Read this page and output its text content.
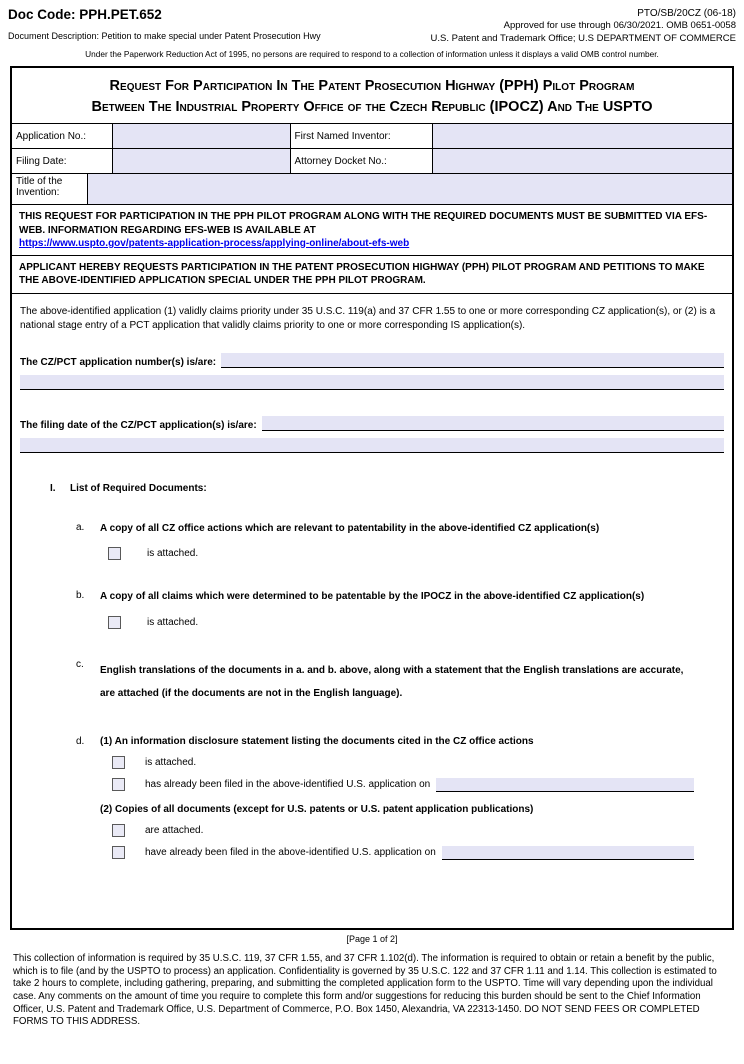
Doc Code: PPH.PET.652
Document Description: Petition to make special under Patent Prosecution Hwy
PTO/SB/20CZ (06-18)
Approved for use through 06/30/2021. OMB 0651-0058
U.S. Patent and Trademark Office; U.S DEPARTMENT OF COMMERCE
Under the Paperwork Reduction Act of 1995, no persons are required to respond to a collection of information unless it displays a valid OMB control number.
Request For Participation In The Patent Prosecution Highway (PPH) Pilot Program
Between The Industrial Property Office of the Czech Republic (IPOCZ) And The USPTO
Application No.:		First Named Inventor:	
Filing Date:		Attorney Docket No.:	
Title of the Invention:
THIS REQUEST FOR PARTICIPATION IN THE PPH PILOT PROGRAM ALONG WITH THE REQUIRED DOCUMENTS MUST BE SUBMITTED VIA EFS-WEB. INFORMATION REGARDING EFS-WEB IS AVAILABLE AT
https://www.uspto.gov/patents-application-process/applying-online/about-efs-web
APPLICANT HEREBY REQUESTS PARTICIPATION IN THE PATENT PROSECUTION HIGHWAY (PPH) PILOT PROGRAM AND PETITIONS TO MAKE THE ABOVE-IDENTIFIED APPLICATION SPECIAL UNDER THE PPH PILOT PROGRAM.
The above-identified application (1) validly claims priority under 35 U.S.C. 119(a) and 37 CFR 1.55 to one or more corresponding CZ application(s), or (2) is a national stage entry of a PCT application that validly claims priority to one or more corresponding IS application(s).
The CZ/PCT application number(s) is/are:
The filing date of the CZ/PCT application(s) is/are:
I.	List of Required Documents:
a.	A copy of all CZ office actions which are relevant to patentability in the above-identified CZ application(s)
is attached.
b.	A copy of all claims which were determined to be patentable by the IPOCZ in the above-identified CZ application(s)
is attached.
c.
English translations of the documents in a. and b. above, along with a statement that the English translations are accurate, are attached (if the documents are not in the English language).
d.	(1) An information disclosure statement listing the documents cited in the CZ office actions
is attached.
has already been filed in the above-identified U.S. application on
(2) Copies of all documents (except for U.S. patents or U.S. patent application publications)
are attached.
have already been filed in the above-identified U.S. application on
[Page 1 of 2]
This collection of information is required by 35 U.S.C. 119, 37 CFR 1.55, and 37 CFR 1.102(d). The information is required to obtain or retain a benefit by the public, which is to file (and by the USPTO to process) an application. Confidentiality is governed by 35 U.S.C. 122 and 37 CFR 1.11 and 1.14. This collection is estimated to take 2 hours to complete, including gathering, preparing, and submitting the completed application form to the USPTO. Time will vary depending upon the individual case. Any comments on the amount of time you require to complete this form and/or suggestions for reducing this burden should be sent to the Chief Information Officer, U.S. Patent and Trademark Office, U.S. Department of Commerce, P.O. Box 1450, Alexandria, VA 22313-1450. DO NOT SEND FEES OR COMPLETED FORMS TO THIS ADDRESS.
